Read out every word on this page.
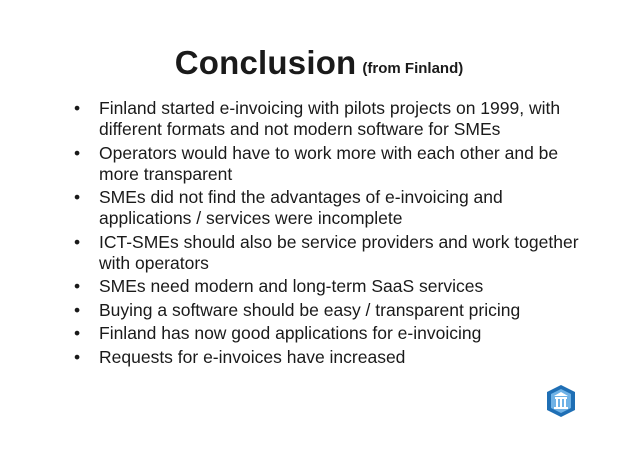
Conclusion (from Finland)
• Finland started e-invoicing with pilots projects on 1999, with different formats and not modern software for SMEs
• Operators would have to work more with each other and be more transparent
• SMEs did not find the advantages of e-invoicing and applications / services were incomplete
• ICT-SMEs should also be service providers and work together with operators
• SMEs need modern and long-term SaaS services
• Buying a software should be easy / transparent pricing
• Finland has now good applications for e-invoicing
• Requests for e-invoices have increased
